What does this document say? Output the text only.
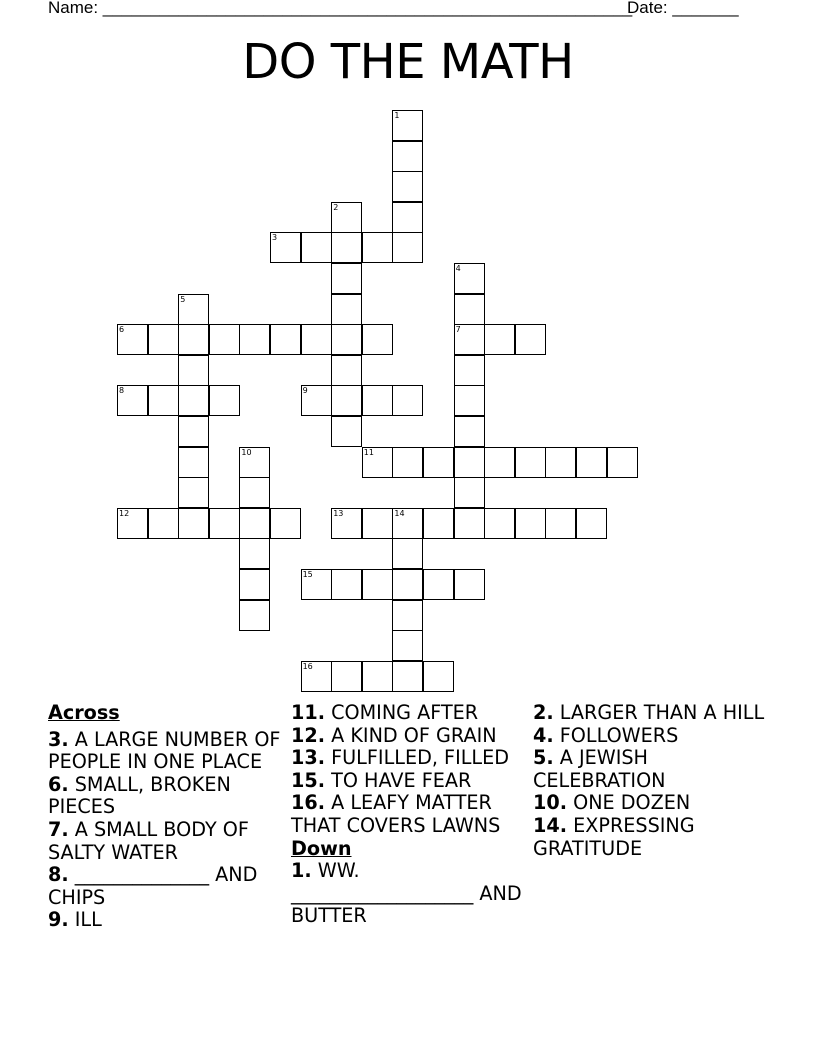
Name: ________________________________________________________
Date: _______
DO THE MATH
1
2
3
4
7
5
6
8	9
10	11
12	13	14
15
16
Across
3. A LARGE NUMBER OF PEOPLE IN ONE PLACE
6. SMALL, BROKEN PIECES
7. A SMALL BODY OF SALTY WATER
8. ______________ AND CHIPS
9. ILL
11. COMING AFTER
12. A KIND OF GRAIN
13. FULFILLED, FILLED
15. TO HAVE FEAR
16. A LEAFY MATTER THAT COVERS LAWNS
Down
1. WW. ___________________ AND BUTTER
2. LARGER THAN A HILL
4. FOLLOWERS
5. A JEWISH CELEBRATION
10. ONE DOZEN
14. EXPRESSING GRATITUDE
